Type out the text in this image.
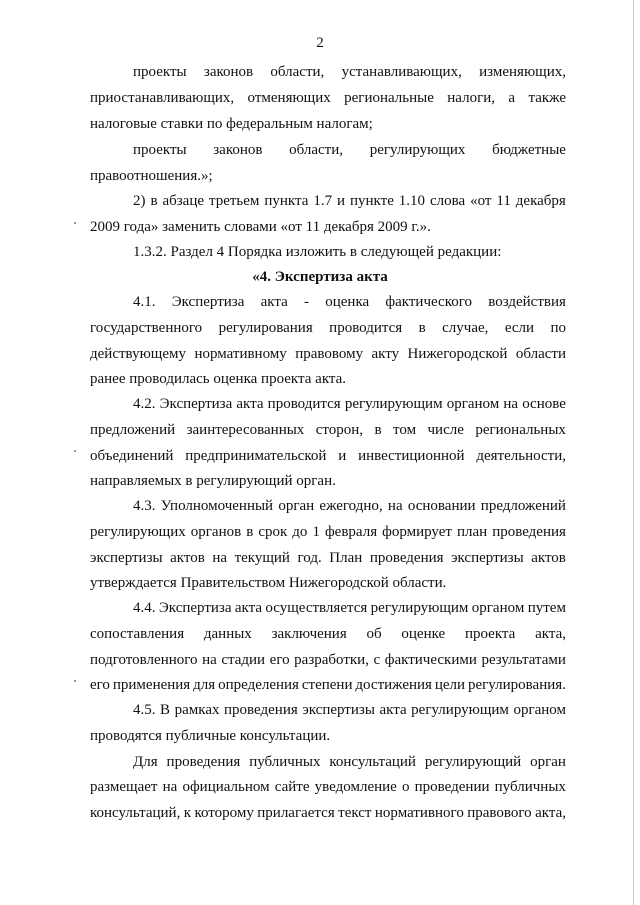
2
проекты законов области, устанавливающих, изменяющих,
приостанавливающих, отменяющих региональные налоги, а также
налоговые ставки по федеральным налогам;
проекты законов области, регулирующих бюджетные
правоотношения.»;
2) в абзаце третьем пункта 1.7 и пункте 1.10 слова «от 11 декабря
2009 года» заменить словами «от 11 декабря 2009 г.».
1.3.2. Раздел 4 Порядка изложить в следующей редакции:
«4. Экспертиза акта
4.1. Экспертиза акта - оценка фактического воздействия
государственного регулирования проводится в случае, если по
действующему нормативному правовому акту Нижегородской области
ранее проводилась оценка проекта акта.
4.2. Экспертиза акта проводится регулирующим органом на основе
предложений заинтересованных сторон, в том числе региональных
объединений предпринимательской и инвестиционной деятельности,
направляемых в регулирующий орган.
4.3. Уполномоченный орган ежегодно, на основании предложений
регулирующих органов в срок до 1 февраля формирует план проведения
экспертизы актов на текущий год. План проведения экспертизы актов
утверждается Правительством Нижегородской области.
4.4. Экспертиза акта осуществляется регулирующим органом путем
сопоставления данных заключения об оценке проекта акта,
подготовленного на стадии его разработки, с фактическими результатами
его применения для определения степени достижения цели регулирования.
4.5. В рамках проведения экспертизы акта регулирующим органом
проводятся публичные консультации.
Для проведения публичных консультаций регулирующий орган
размещает на официальном сайте уведомление о проведении публичных
консультаций, к которому прилагается текст нормативного правового акта,
